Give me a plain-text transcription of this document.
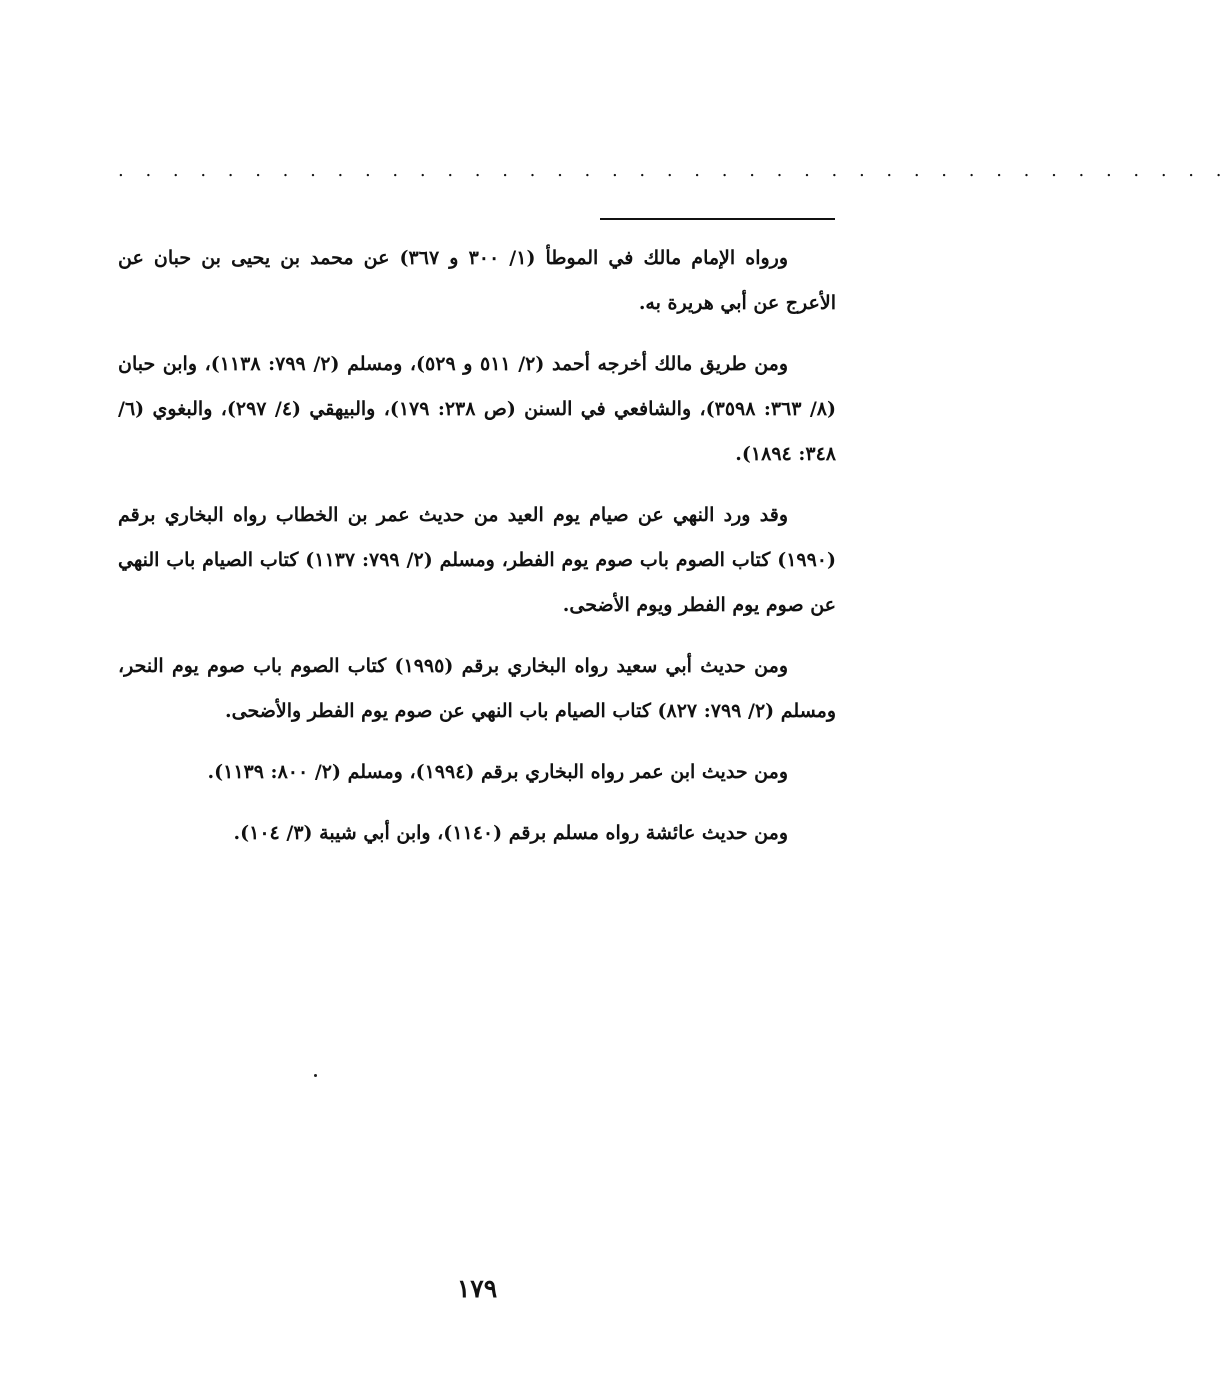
. . . . . . . . . . . . . . . . . . . . . . . . . . . . . . . . . . . . . . . . .

ورواه الإمام مالك في الموطأ (١/ ٣٠٠ و ٣٦٧) عن محمد بن يحيى بن حبان عن الأعرج عن أبي هريرة به.

ومن طريق مالك أخرجه أحمد (٢/ ٥١١ و ٥٢٩)، ومسلم (٢/ ٧٩٩: ١١٣٨)، وابن حبان (٨/ ٣٦٣: ٣٥٩٨)، والشافعي في السنن (ص ٢٣٨: ١٧٩)، والبيهقي (٤/ ٢٩٧)، والبغوي (٦/ ٣٤٨: ١٨٩٤).

وقد ورد النهي عن صيام يوم العيد من حديث عمر بن الخطاب رواه البخاري برقم (١٩٩٠) كتاب الصوم باب صوم يوم الفطر، ومسلم (٢/ ٧٩٩: ١١٣٧) كتاب الصيام باب النهي عن صوم يوم الفطر ويوم الأضحى.

ومن حديث أبي سعيد رواه البخاري برقم (١٩٩٥) كتاب الصوم باب صوم يوم النحر، ومسلم (٢/ ٧٩٩: ٨٢٧) كتاب الصيام باب النهي عن صوم يوم الفطر والأضحى.

ومن حديث ابن عمر رواه البخاري برقم (١٩٩٤)، ومسلم (٢/ ٨٠٠: ١١٣٩).

ومن حديث عائشة رواه مسلم برقم (١١٤٠)، وابن أبي شيبة (٣/ ١٠٤).

١٧٩
